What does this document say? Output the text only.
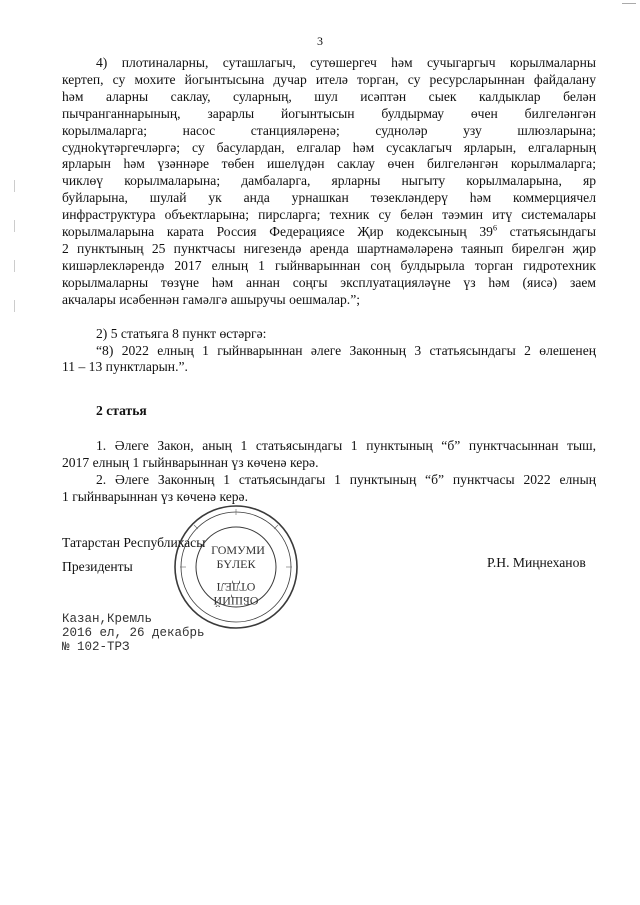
3

4) плотиналарны, суташлагыч, сутөшергеч һәм сучыгаргыч корылмаларны

кертеп, су мохите йогынтысына дучар ителә торган, су ресурсларыннан файдалану

һәм аларны саклау, суларның, шул исәптән сыек калдыклар белән

пычранганнарының, зарарлы йогынтысын булдырмау өчен билгеләнгән

корылмаларга; насос станцияләренә; судноләр узу шлюзларына;

судноkүтәргечләргә; су басулардан, елгалар һәм сусаклагыч ярларын, елгаларның

ярларын һәм үзәннәре төбен ишелүдән саклау өчен билгеләнгән корылмаларга;

чиклөү корылмаларына; дамбаларга, ярларны ныгыту корылмаларына, яр

буйларына, шулай ук анда урнашкан төзекләндерү һәм коммерциячел

инфраструктура объектларына; пирсларга; техник су белән тәэмин итү системалары

корылмаларына карата Россия Федерациясе Җир кодексының $39^6$ статьясындагы

2 пунктының 25 пунктчасы нигезендә аренда шартнамәләренә таянып бирелгән җир

кишәрлекләрендә 2017 елның 1 гыйнварыннан соң булдырыла торган гидротехник

корылмаларны төзүне һәм аннан соңгы эксплуатацияләүне үз һәм (яисә) заем

акчалары исәбеннән гамәлгә ашыручы оешмалар.”;

2) 5 статьяга 8 пункт өстәргә:

“8) 2022 елның 1 гыйнварыннан әлеге Законның 3 статьясындагы 2 өлешенең

11 – 13 пунктларын.”.

2 статья

1. Әлеге Закон, аның 1 статьясындагы 1 пунктының “б” пунктчасыннан тыш,

2017 елның 1 гыйнварыннан үз көченә керә.

2. Әлеге Законның 1 статьясындагы 1 пунктының “б” пунктчасы 2022 елның

1 гыйнварыннан үз көченә керә.

Татарстан Республикасы
Президенты	Р.Н. Миңнеханов
ГОМУМИ
БҮЛЕК
ОБЩИЙ
ОТДЕЛ
Казан,Кремль
2016 ел, 26 декабрь
№ 102-ТРЗ
